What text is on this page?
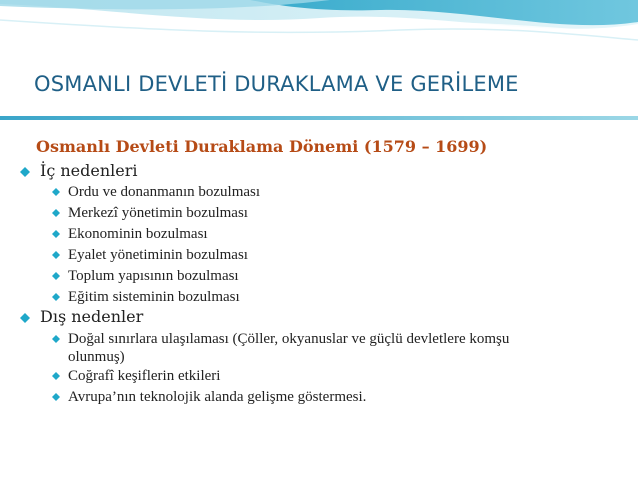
OSMANLI DEVLETİ DURAKLAMA VE GERİLEME
Osmanlı Devleti Duraklama Dönemi (1579 – 1699)
İç nedenleri
Ordu ve donanmanın bozulması
Merkezî yönetimin bozulması
Ekonominin bozulması
Eyalet yönetiminin bozulması
Toplum yapısının bozulması
Eğitim sisteminin bozulması
Dış nedenler
Doğal sınırlara ulaşılaması (Çöller, okyanuslar ve güçlü devletlere komşu olunmuş)
Coğrafî keşiflerin etkileri
Avrupa’nın teknolojik alanda gelişme göstermesi.
